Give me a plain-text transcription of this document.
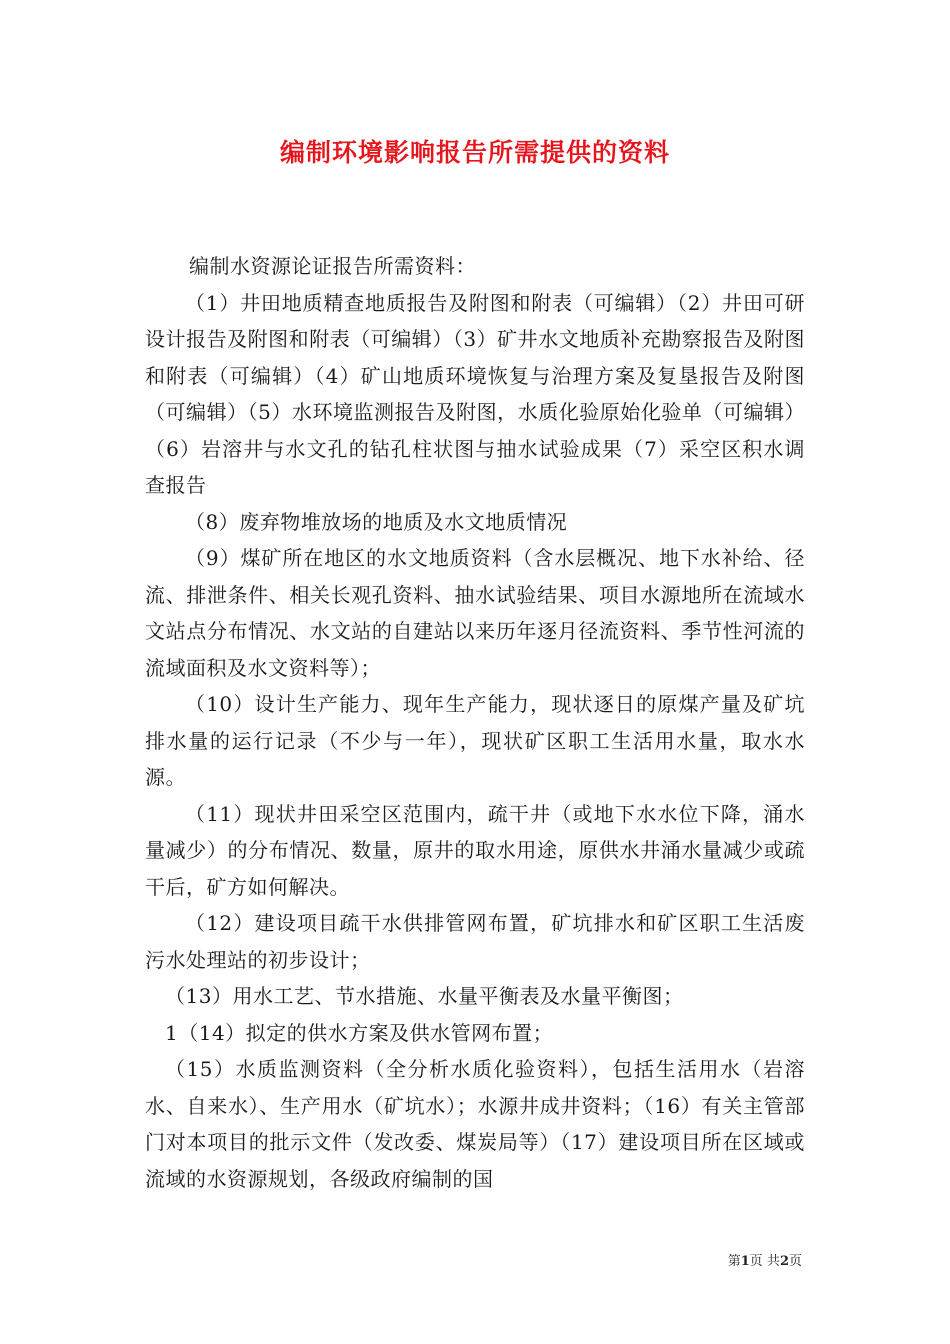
编制环境影响报告所需提供的资料

编制水资源论证报告所需资料：

（1）井田地质精查地质报告及附图和附表（可编辑）（2）井田可研设计报告及附图和附表（可编辑）（3）矿井水文地质补充勘察报告及附图和附表（可编辑）（4）矿山地质环境恢复与治理方案及复垦报告及附图（可编辑）（5）水环境监测报告及附图，水质化验原始化验单（可编辑）（6）岩溶井与水文孔的钻孔柱状图与抽水试验成果（7）采空区积水调查报告

（8）废弃物堆放场的地质及水文地质情况

（9）煤矿所在地区的水文地质资料（含水层概况、地下水补给、径流、排泄条件、相关长观孔资料、抽水试验结果、项目水源地所在流域水文站点分布情况、水文站的自建站以来历年逐月径流资料、季节性河流的流域面积及水文资料等）；

（10）设计生产能力、现年生产能力，现状逐日的原煤产量及矿坑排水量的运行记录（不少与一年），现状矿区职工生活用水量，取水水源。

（11）现状井田采空区范围内，疏干井（或地下水水位下降，涌水量减少）的分布情况、数量，原井的取水用途，原供水井涌水量减少或疏干后，矿方如何解决。

（12）建设项目疏干水供排管网布置，矿坑排水和矿区职工生活废污水处理站的初步设计；

（13）用水工艺、节水措施、水量平衡表及水量平衡图；

1（14）拟定的供水方案及供水管网布置；

（15）水质监测资料（全分析水质化验资料），包括生活用水（岩溶水、自来水）、生产用水（矿坑水）；水源井成井资料；（16）有关主管部门对本项目的批示文件（发改委、煤炭局等）（17）建设项目所在区域或流域的水资源规划，各级政府编制的国

第1页 共2页
